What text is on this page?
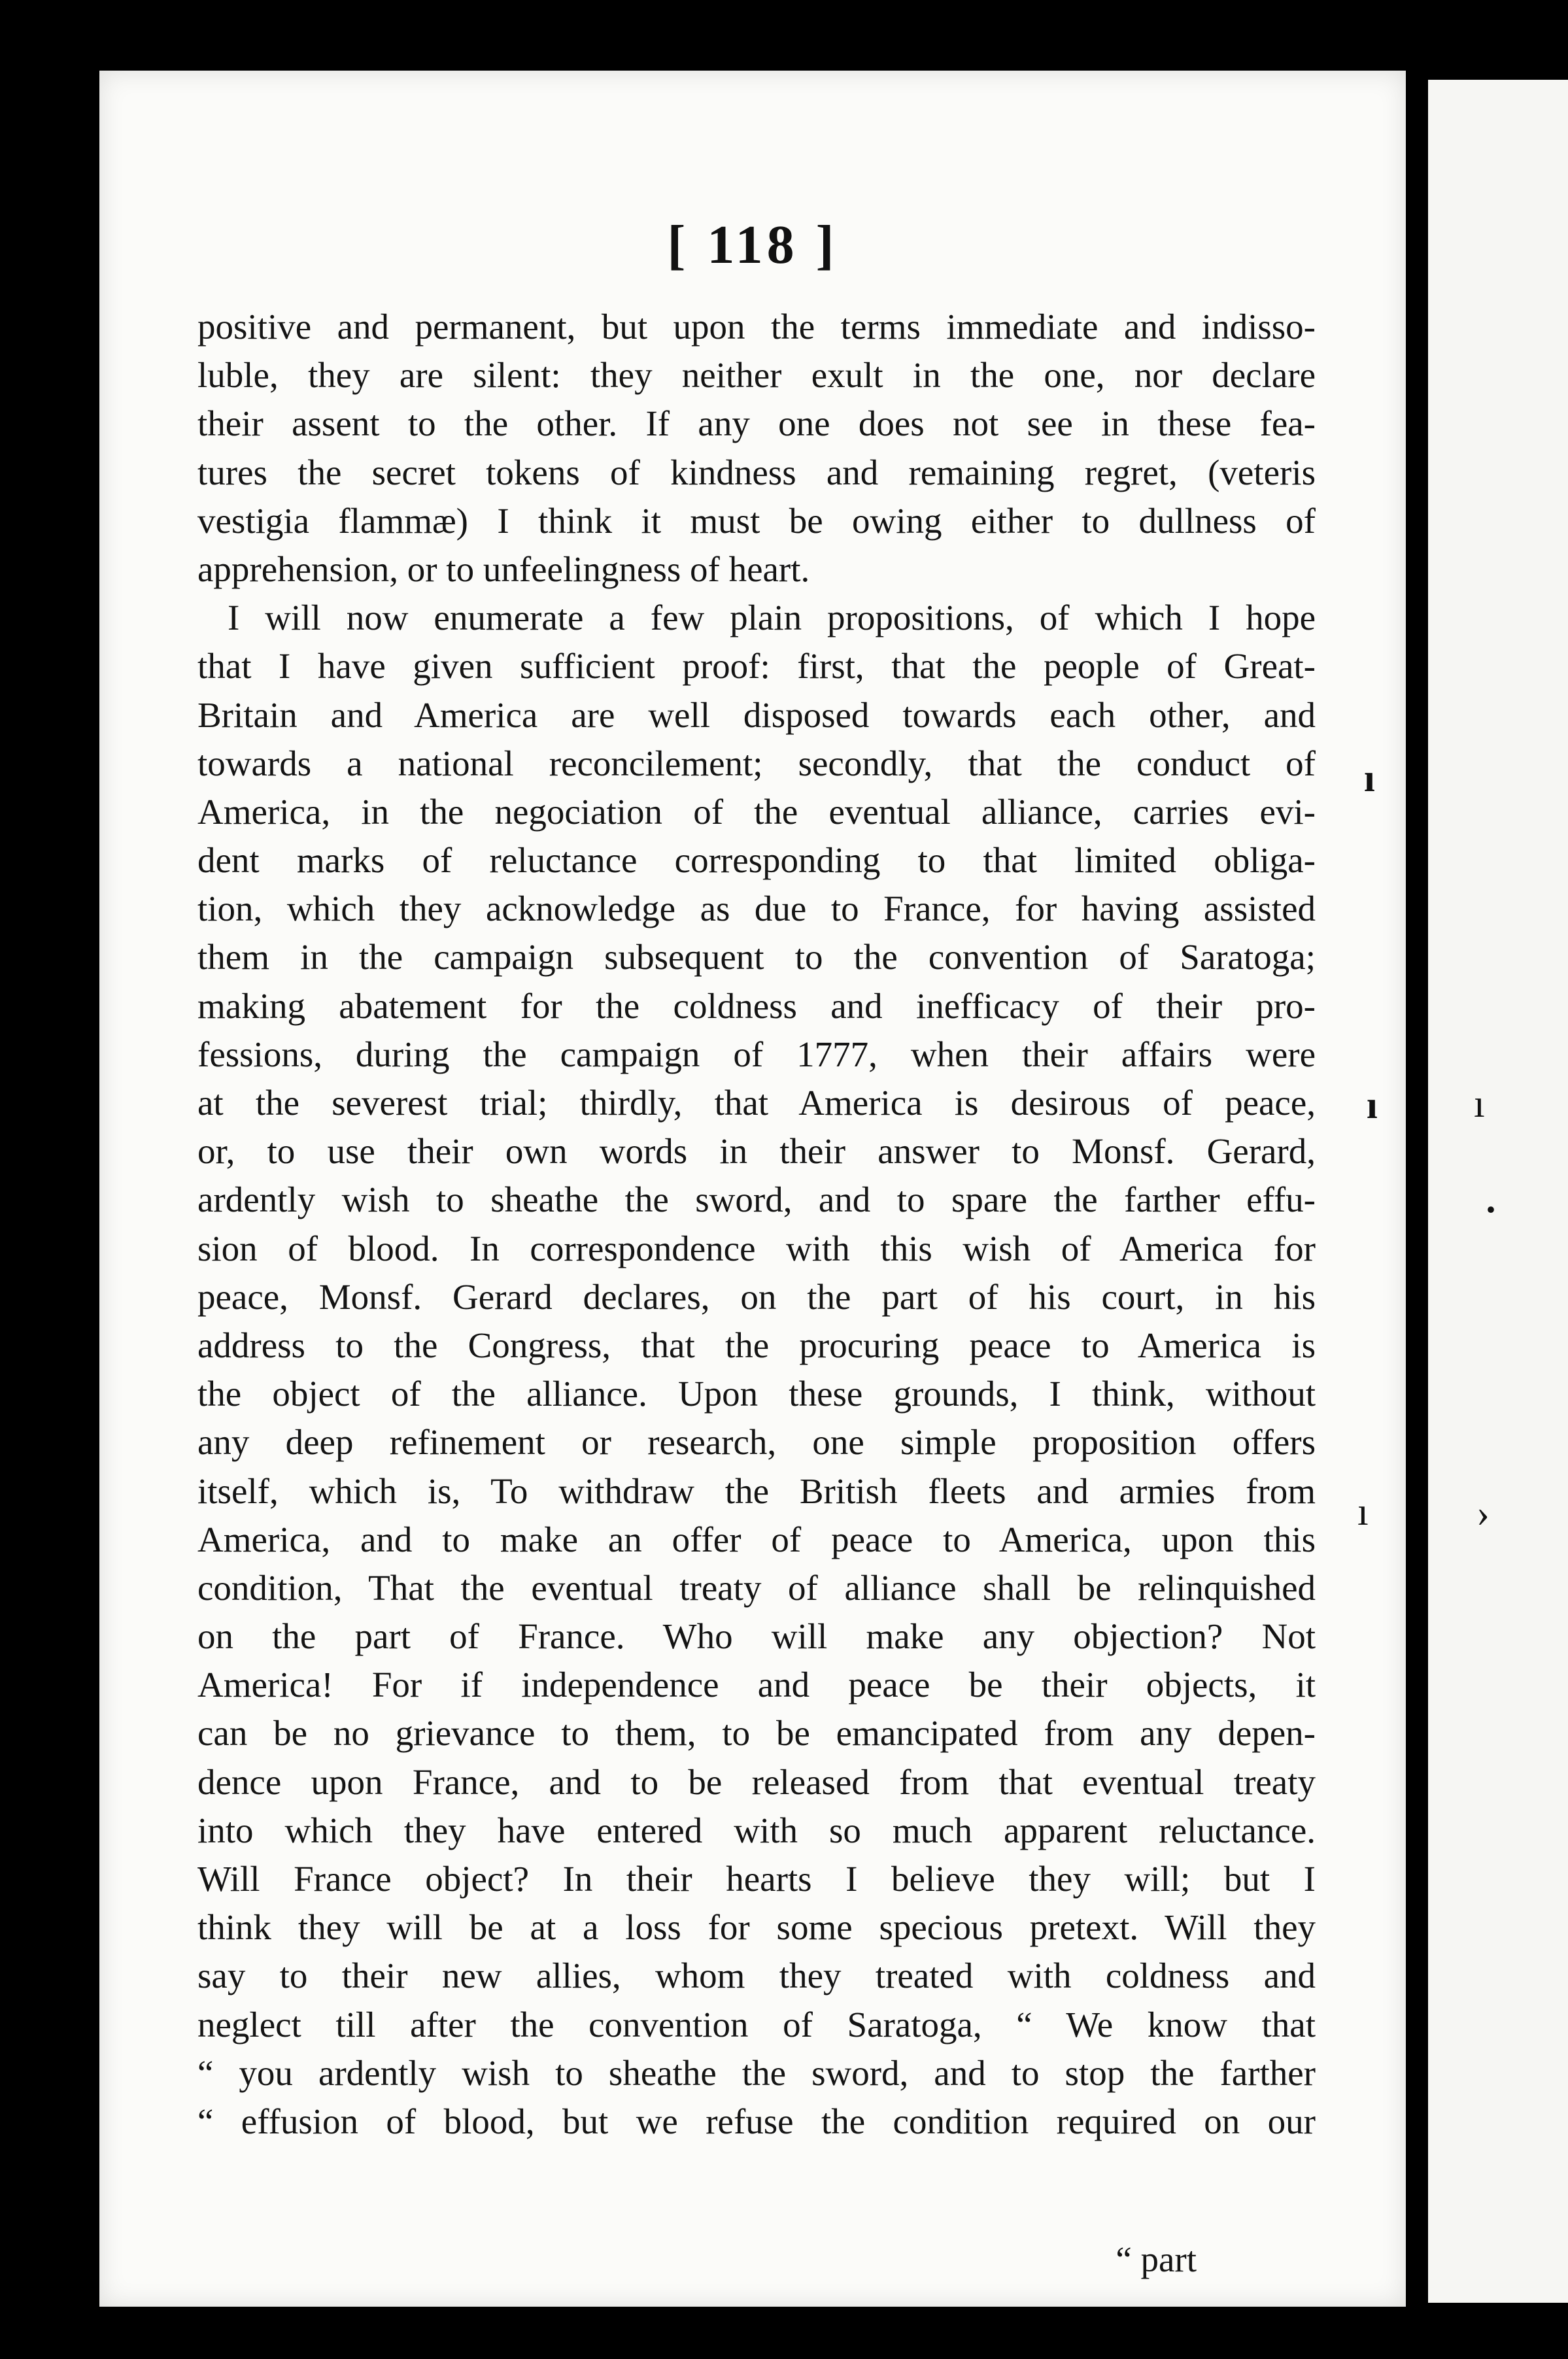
[ 118 ]
positive and permanent, but upon the terms immediate and indisso-
luble, they are silent: they neither exult in the one, nor declare
their assent to the other. If any one does not see in these fea-
tures the secret tokens of kindness and remaining regret, (veteris
vestigia flammæ) I think it must be owing either to dullness of
apprehension, or to unfeelingness of heart.
I will now enumerate a few plain propositions, of which I hope
that I have given sufficient proof: first, that the people of Great-
Britain and America are well disposed towards each other, and
towards a national reconcilement; secondly, that the conduct of
America, in the negociation of the eventual alliance, carries evi-
dent marks of reluctance corresponding to that limited obliga-
tion, which they acknowledge as due to France, for having assisted
them in the campaign subsequent to the convention of Saratoga;
making abatement for the coldness and inefficacy of their pro-
fessions, during the campaign of 1777, when their affairs were
at the severest trial; thirdly, that America is desirous of peace,
or, to use their own words in their answer to Monsf. Gerard,
ardently wish to sheathe the sword, and to spare the farther effu-
sion of blood. In correspondence with this wish of America for
peace, Monsf. Gerard declares, on the part of his court, in his
address to the Congress, that the procuring peace to America is
the object of the alliance. Upon these grounds, I think, without
any deep refinement or research, one simple proposition offers
itself, which is, To withdraw the British fleets and armies from
America, and to make an offer of peace to America, upon this
condition, That the eventual treaty of alliance shall be relinquished
on the part of France. Who will make any objection? Not
America! For if independence and peace be their objects, it
can be no grievance to them, to be emancipated from any depen-
dence upon France, and to be released from that eventual treaty
into which they have entered with so much apparent reluctance.
Will France object? In their hearts I believe they will; but I
think they will be at a loss for some specious pretext. Will they
say to their new allies, whom they treated with coldness and
neglect till after the convention of Saratoga, “ We know that
“ you ardently wish to sheathe the sword, and to stop the farther
“ effusion of blood, but we refuse the condition required on our
“ part
ı
ı ı
·
ı	›
